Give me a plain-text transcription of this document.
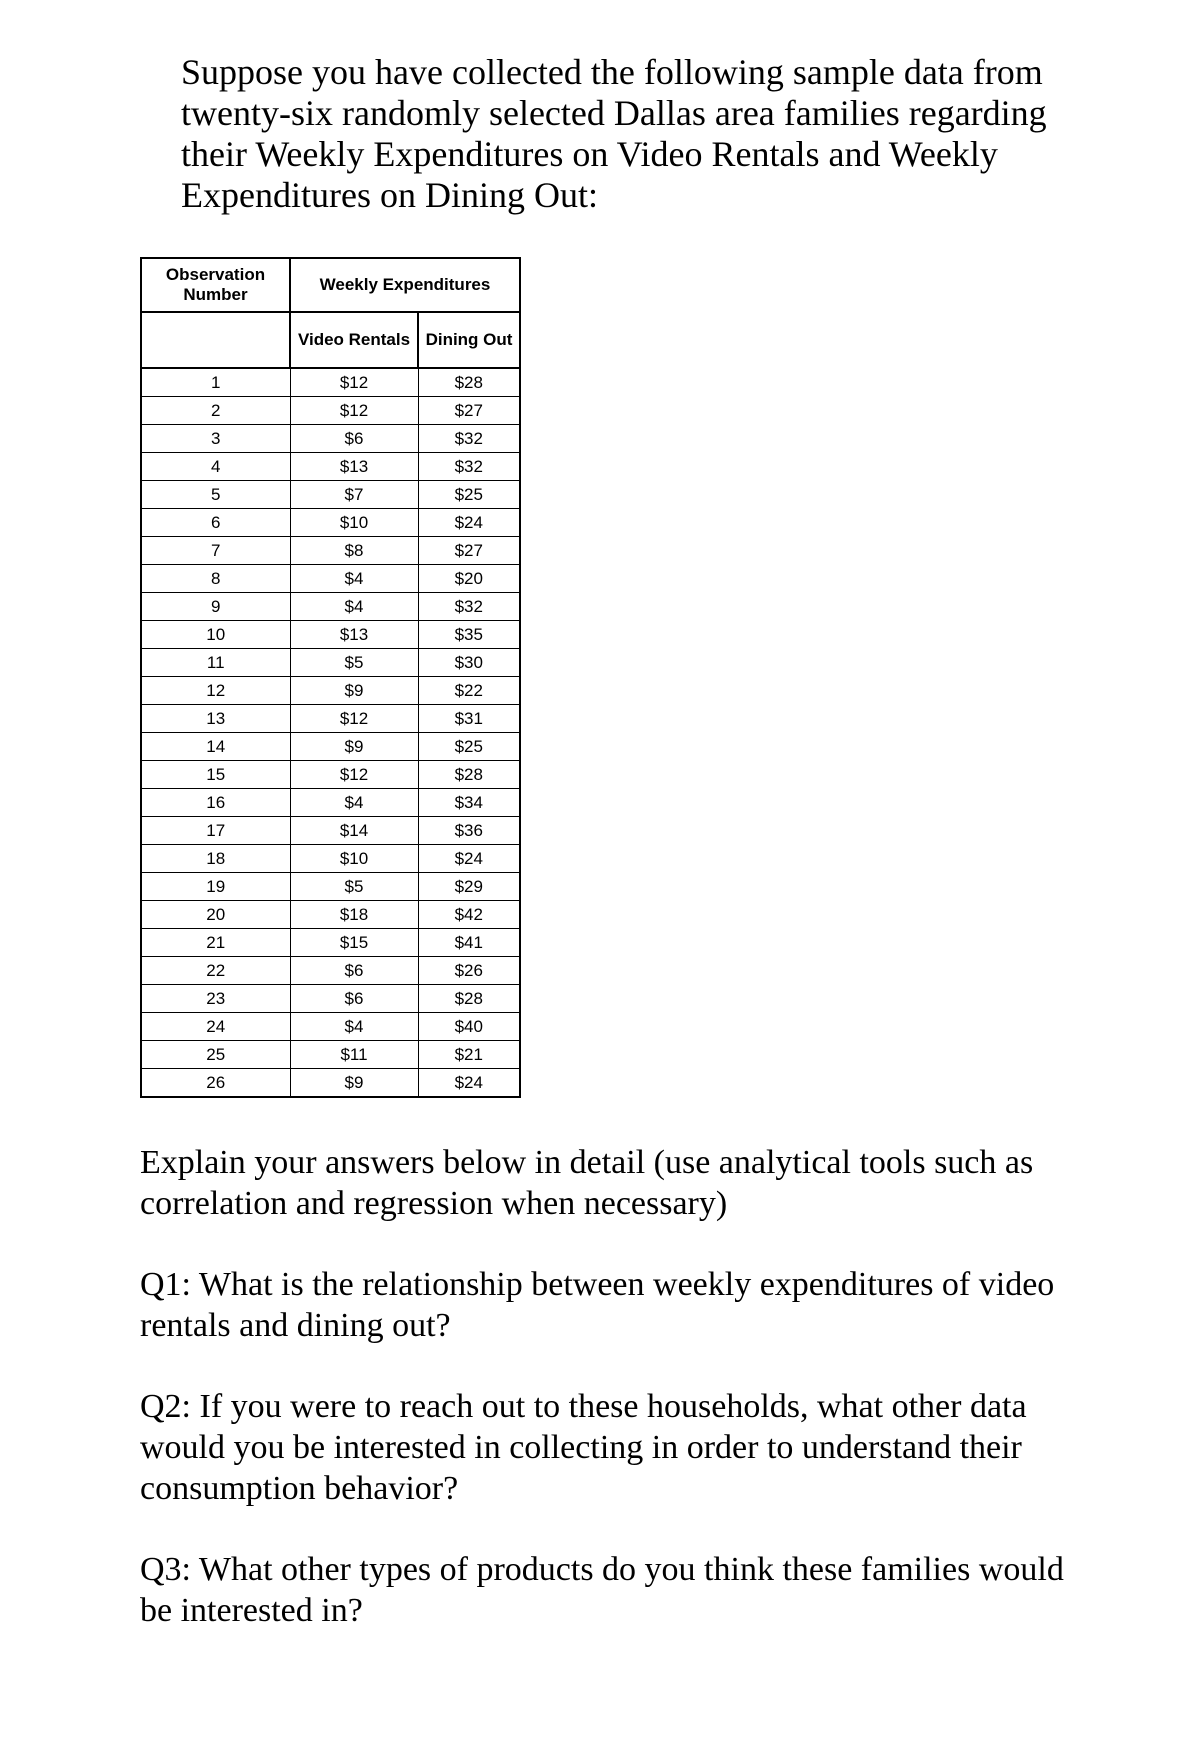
Suppose you have collected the following sample data from twenty-six randomly selected Dallas area families regarding their Weekly Expenditures on Video Rentals and Weekly Expenditures on Dining Out:

Observation Number	Weekly Expenditures	
	Video Rentals	Dining Out
1	$12	$28
2	$12	$27
3	$6	$32
4	$13	$32
5	$7	$25
6	$10	$24
7	$8	$27
8	$4	$20
9	$4	$32
10	$13	$35
11	$5	$30
12	$9	$22
13	$12	$31
14	$9	$25
15	$12	$28
16	$4	$34
17	$14	$36
18	$10	$24
19	$5	$29
20	$18	$42
21	$15	$41
22	$6	$26
23	$6	$28
24	$4	$40
25	$11	$21
26	$9	$24

Explain your answers below in detail (use analytical tools such as correlation and regression when necessary)

Q1: What is the relationship between weekly expenditures of video rentals and dining out?

Q2: If you were to reach out to these households, what other data would you be interested in collecting in order to understand their consumption behavior?

Q3: What other types of products do you think these families would be interested in?
